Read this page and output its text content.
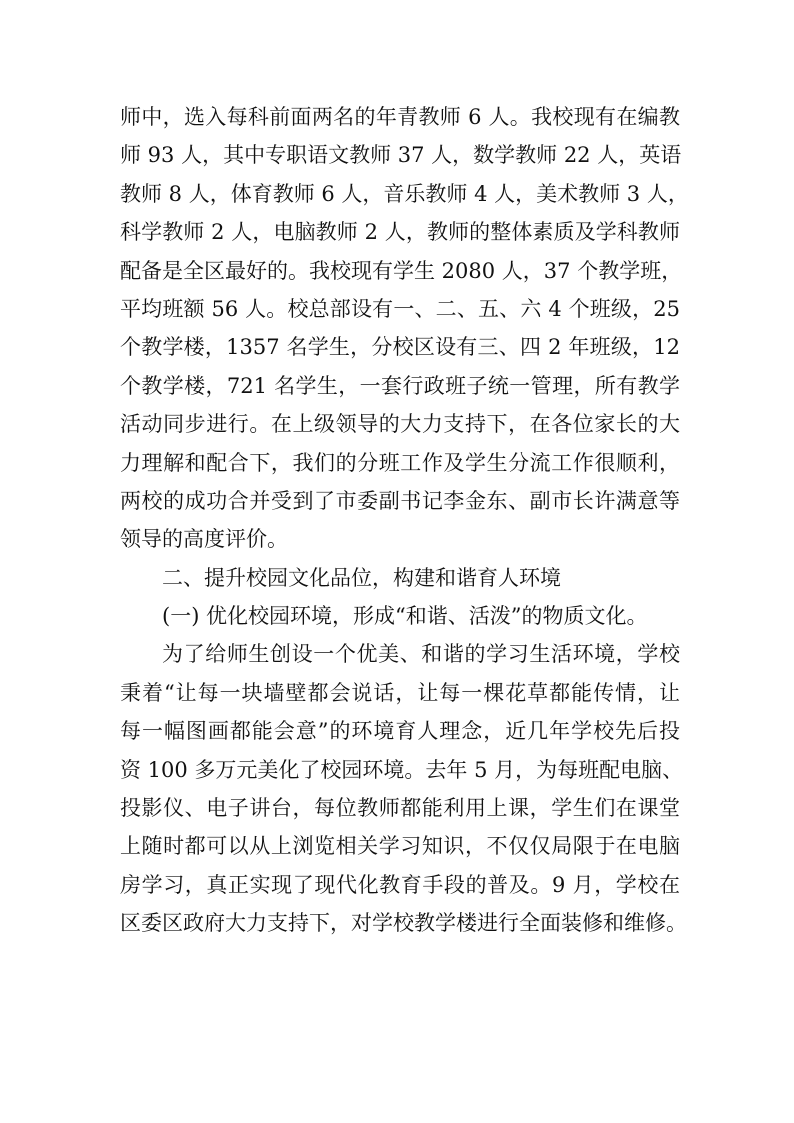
师中，选入每科前面两名的年青教师 6 人。我校现有在编教
师 93 人，其中专职语文教师 37 人，数学教师 22 人，英语
教师 8 人，体育教师 6 人，音乐教师 4 人，美术教师 3 人，
科学教师 2 人，电脑教师 2 人，教师的整体素质及学科教师
配备是全区最好的。我校现有学生 2080 人，37 个教学班，
平均班额 56 人。校总部设有一、二、五、六 4 个班级，25
个教学楼，1357 名学生，分校区设有三、四 2 年班级，12
个教学楼，721 名学生，一套行政班子统一管理，所有教学
活动同步进行。在上级领导的大力支持下，在各位家长的大
力理解和配合下，我们的分班工作及学生分流工作很顺利，
两校的成功合并受到了市委副书记李金东、副市长许满意等
领导的高度评价。
二、提升校园文化品位，构建和谐育人环境
(一) 优化校园环境，形成“和谐、活泼”的物质文化。
为了给师生创设一个优美、和谐的学习生活环境，学校
秉着“让每一块墙壁都会说话，让每一棵花草都能传情，让
每一幅图画都能会意”的环境育人理念，近几年学校先后投
资 100 多万元美化了校园环境。去年 5 月，为每班配电脑、
投影仪、电子讲台，每位教师都能利用上课，学生们在课堂
上随时都可以从上浏览相关学习知识，不仅仅局限于在电脑
房学习，真正实现了现代化教育手段的普及。9 月，学校在
区委区政府大力支持下，对学校教学楼进行全面装修和维修。
